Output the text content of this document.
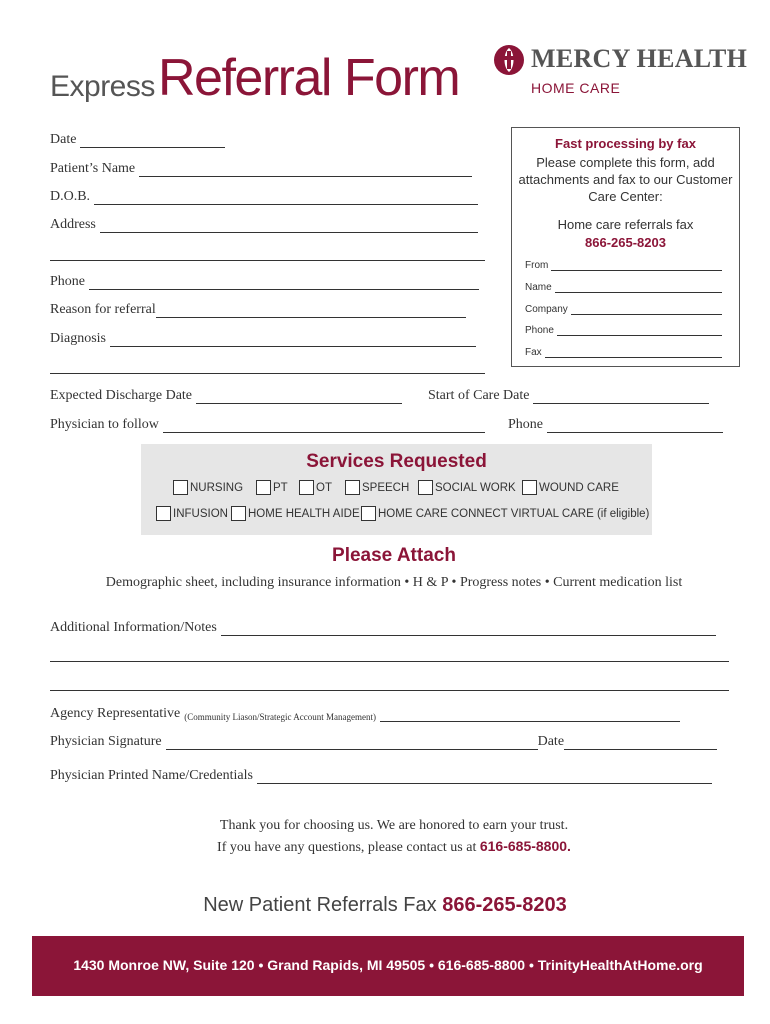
Express Referral Form	MERCY HEALTH
HOME CARE
Date
Patient’s Name
D.O.B.
Address
Phone
Reason for referral
Diagnosis
Fast processing by fax
Please complete this form, add attachments and fax to our Customer Care Center:
Home care referrals fax
866-265-8203
From
Name
Company
Phone
Fax
Expected Discharge Date	Start of Care Date
Physician to follow	Phone
Services Requested
NURSING	PT OT	SPEECH SOCIAL WORK WOUND CARE
INFUSION HOME HEALTH AIDE HOME CARE CONNECT VIRTUAL CARE (if eligible)
Please Attach
Demographic sheet, including insurance information • H & P • Progress notes • Current medication list
Additional Information/Notes
Agency Representative (Community Liason/Strategic Account Management)
Physician Signature	Date
Physician Printed Name/Credentials
Thank you for choosing us. We are honored to earn your trust.
If you have any questions, please contact us at 616-685-8800.
New Patient Referrals Fax 866-265-8203
1430 Monroe NW, Suite 120 • Grand Rapids, MI 49505 • 616-685-8800 • TrinityHealthAtHome.org
